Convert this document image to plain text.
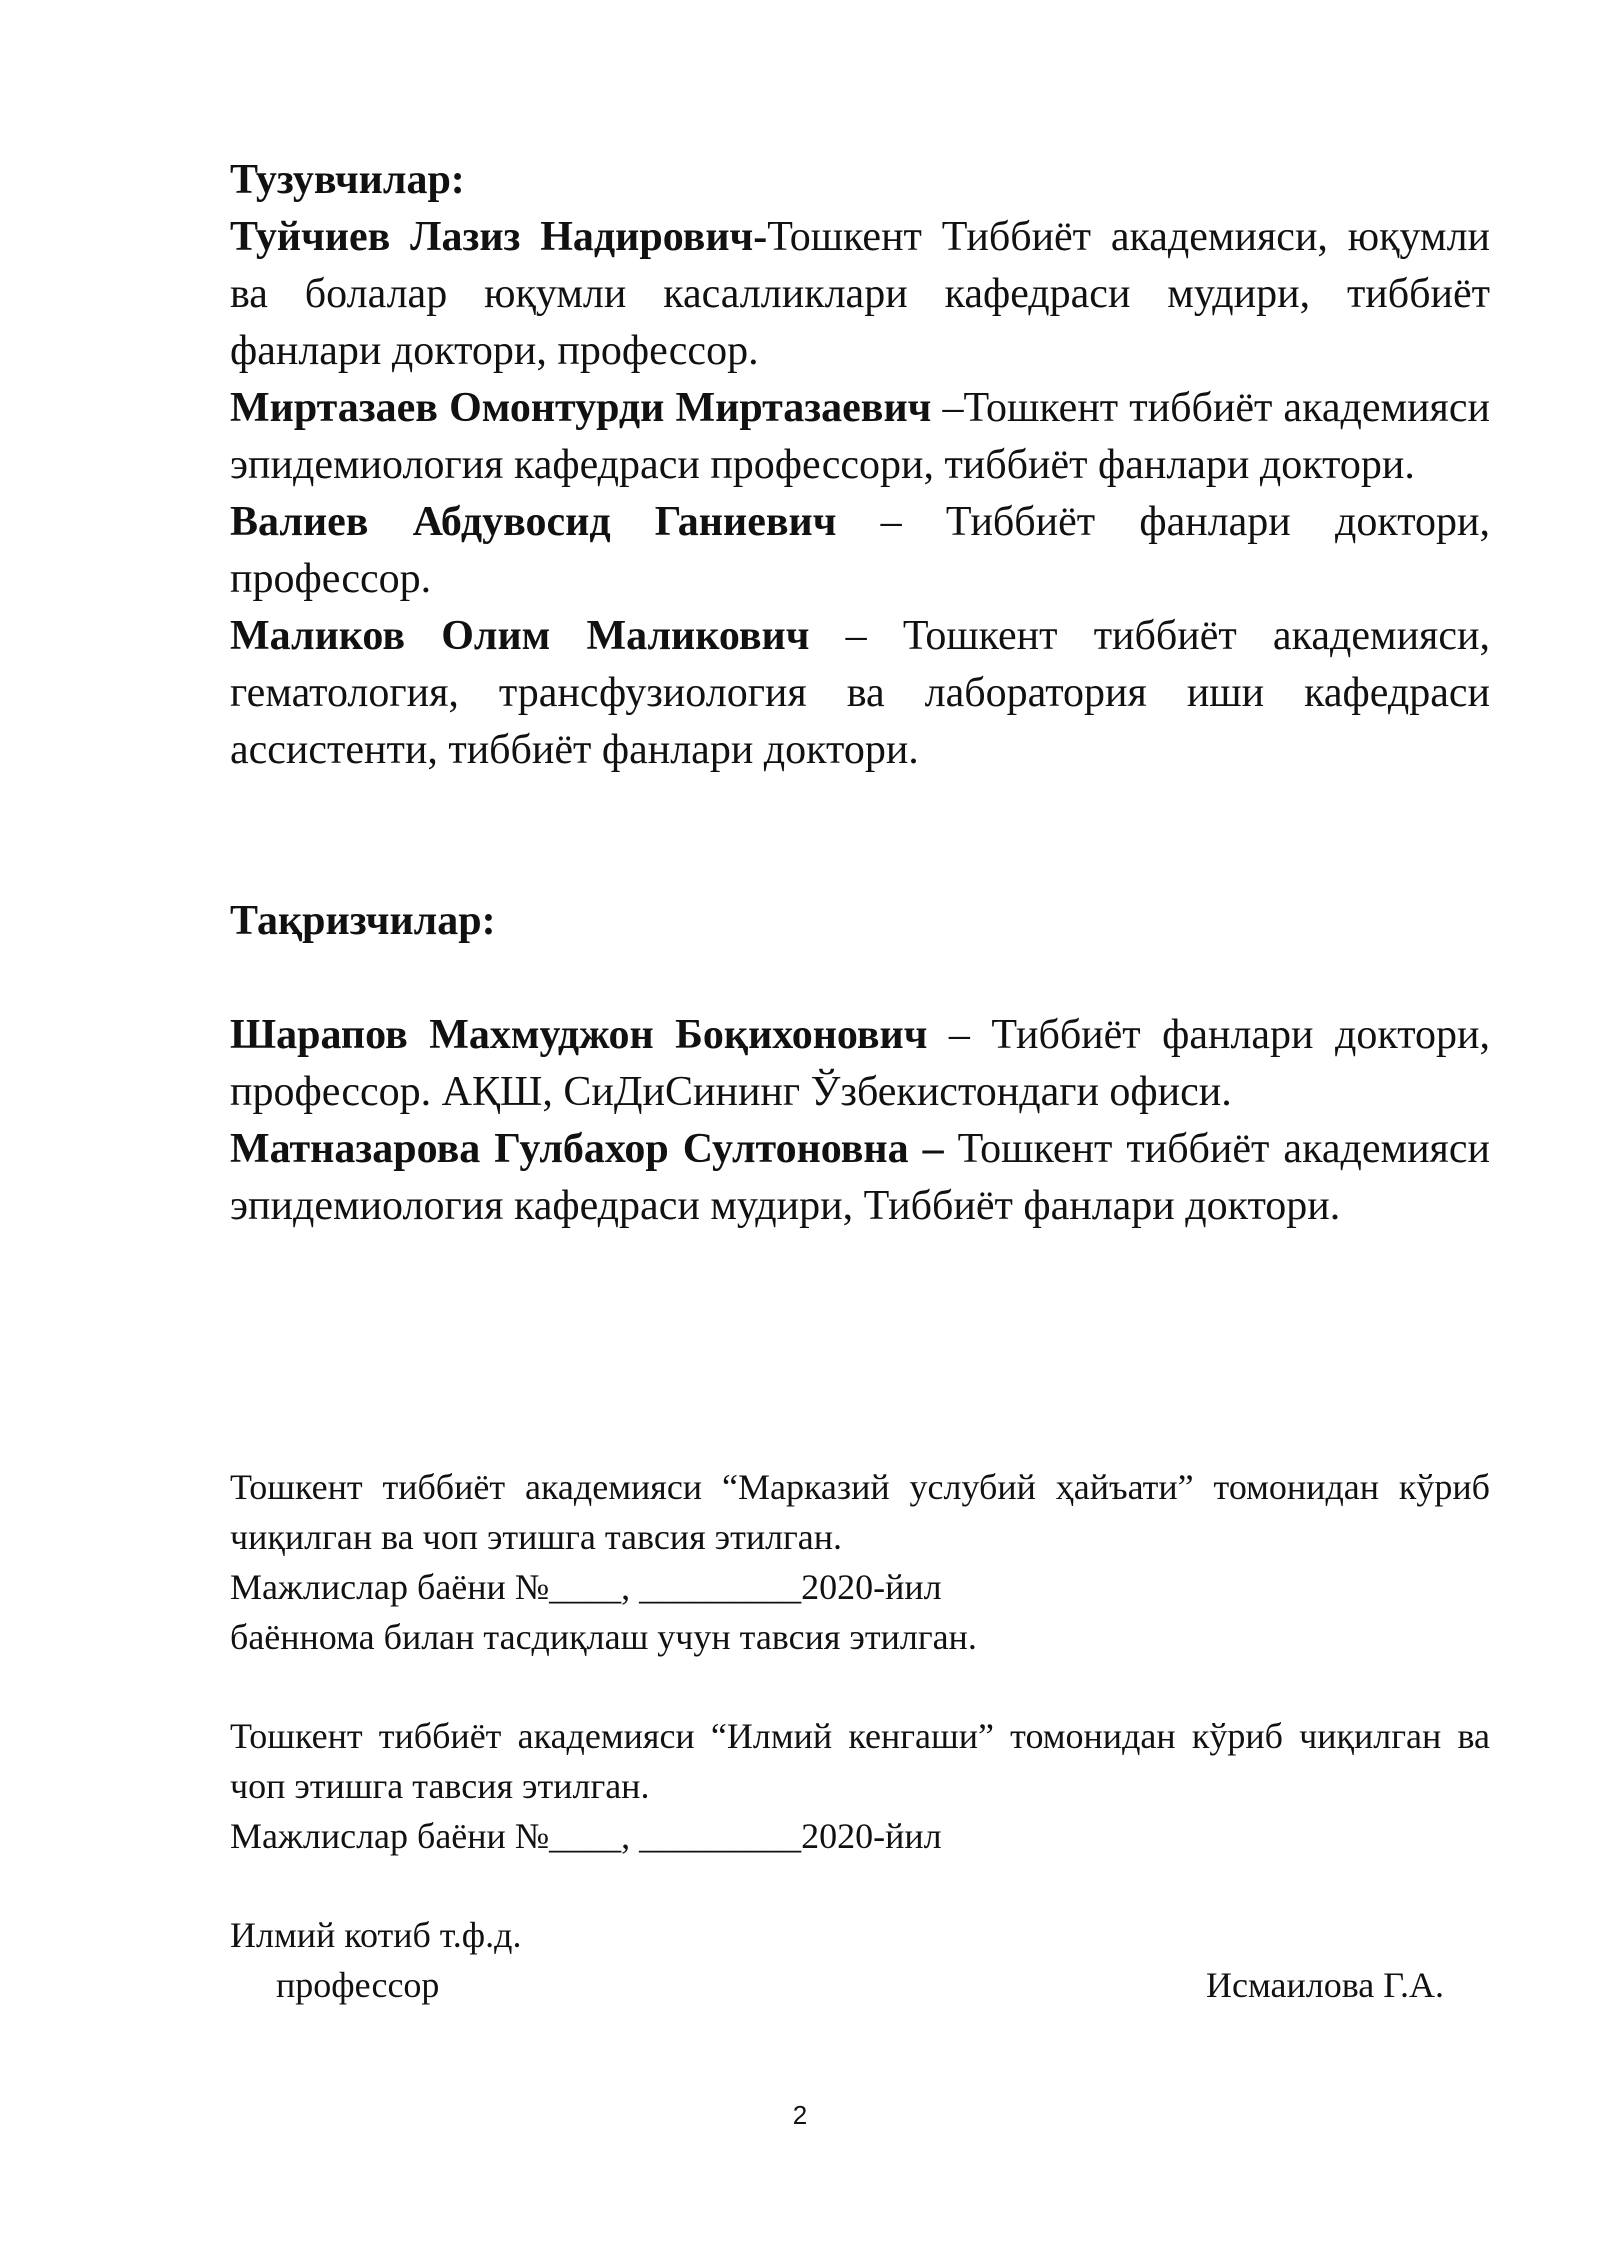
Тузувчилар:

Туйчиев Лазиз Надирович-Тошкент Тиббиёт академияси, юқумли ва болалар юқумли касалликлари кафедраси мудири, тиббиёт фанлари доктори, профессор.

Миртазаев Омонтурди Миртазаевич –Тошкент тиббиёт академияси эпидемиология кафедраси профессори, тиббиёт фанлари доктори.

Валиев Абдувосид Ганиевич – Тиббиёт фанлари доктори, профессор.

Маликов Олим Маликович – Тошкент тиббиёт академияси, гематология, трансфузиология ва лаборатория иши кафедраси ассистенти, тиббиёт фанлари доктори.

Тақризчилар:

Шарапов Махмуджон Боқихонович – Тиббиёт фанлари доктори, профессор. АҚШ, СиДиСининг Ўзбекистондаги офиси.

Матназарова Гулбахор Султоновна – Тошкент тиббиёт академияси эпидемиология кафедраси мудири, Тиббиёт фанлари доктори.

Тошкент тиббиёт академияси “Марказий услубий ҳайъати” томонидан кўриб чиқилган ва чоп этишга тавсия этилган.

Мажлислар баёни №____, _________2020-йил

баённома билан тасдиқлаш учун тавсия этилган.

Тошкент тиббиёт академияси “Илмий кенгаши” томонидан кўриб чиқилган ва чоп этишга тавсия этилган.

Мажлислар баёни №____, _________2020-йил

Илмий котиб т.ф.д.

профессор	Исмаилова Г.А.
2
